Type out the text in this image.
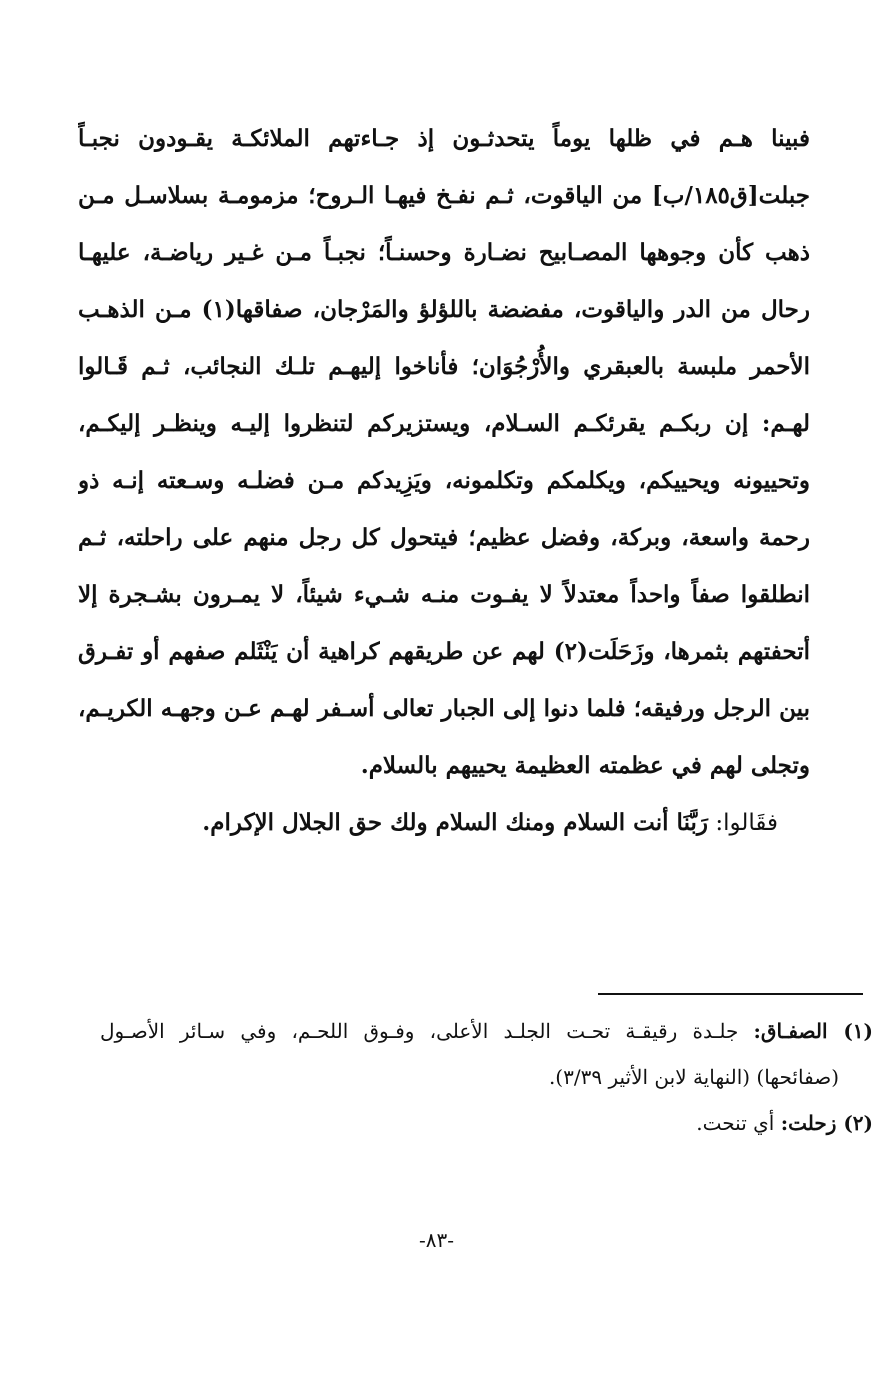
فبينا هـم في ظلها يوماً يتحدثـون إذ جـاءتهم الملائكـة يقـودون نجبـاً
جبلت[ق١٨٥/ب] من الياقوت، ثـم نفـخ فيهـا الـروح؛ مزمومـة بسلاسـل مـن
ذهب كأن وجوهها المصـابيح نضـارة وحسنـاً؛ نجبـاً مـن غـير رياضـة، عليهـا
رحال من الدر والياقوت، مفضضة باللؤلؤ والمَرْجان، صفاقها(١) مـن الذهـب
الأحمر ملبسة بالعبقري والأُرْجُوَان؛ فأناخوا إليهـم تلـك النجائب، ثـم قَـالوا
لهـم: إن ربكـم يقرئكـم السـلام، ويستزيركم لتنظروا إليـه وينظـر إليكـم،
وتحييونه ويحييكم، ويكلمكم وتكلمونه، ويَزِيدكم مـن فضلـه وسـعته إنـه ذو
رحمة واسعة، وبركة، وفضل عظيم؛ فيتحول كل رجل منهم على راحلته، ثـم
انطلقوا صفاً واحداً معتدلاً لا يفـوت منـه شـيء شيئاً، لا يمـرون بشـجرة إلا
أتحفتهم بثمرها، وزَحَلَت(٢) لهم عن طريقهم كراهية أن يَنْثَلم صفهم أو تفـرق
بين الرجل ورفيقه؛ فلما دنوا إلى الجبار تعالى أسـفر لهـم عـن وجهـه الكريـم،
وتجلى لهم في عظمته العظيمة يحييهم بالسلام.
فقَالوا: رَبَّنَا أنت السلام ومنك السلام ولك حق الجلال الإكرام.
(١) الصفـاق: جلـدة رقيقـة تحـت الجلـد الأعلى، وفـوق اللحـم، وفي سـائر الأصـول
(صفائحها) (النهاية لابن الأثير ٣/٣٩).
(٢) زحلت: أي تنحت.
-٨٣-
